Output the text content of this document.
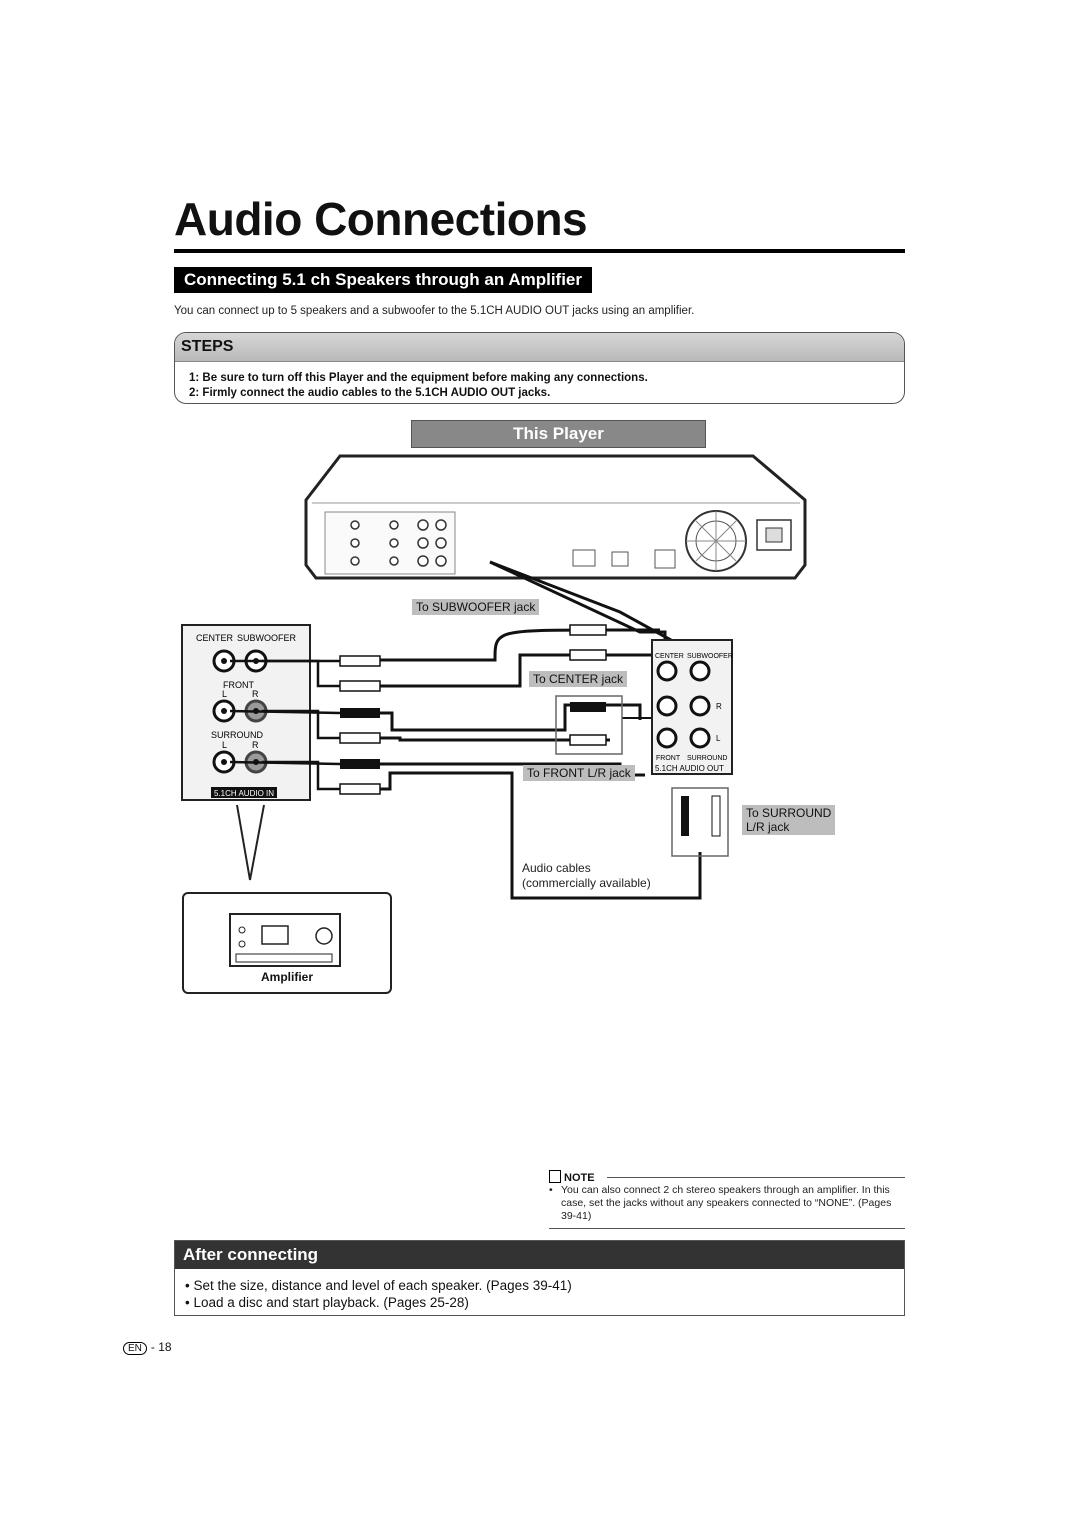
Audio Connections
Connecting 5.1 ch Speakers through an Amplifier
You can connect up to 5 speakers and a subwoofer to the 5.1CH AUDIO OUT jacks using an amplifier.
STEPS
1: Be sure to turn off this Player and the equipment before making any connections.
2: Firmly connect the audio cables to the 5.1CH AUDIO OUT jacks.
This Player
CENTER SUBWOOFER
FRONT
SURROUND
L	R
L	R
5.1CH AUDIO IN
CENTER SUBWOOFER
R
L
FRONT SURROUND
5.1CH AUDIO OUT
To SUBWOOFER jack
To CENTER jack
To FRONT L/R jack
To SURROUND
L/R jack
Audio cables
(commercially available)
Amplifier
NOTE
• You can also connect 2 ch stereo speakers through an amplifier. In this case, set the jacks without any speakers connected to “NONE”. (Pages 39-41)
After connecting
• Set the size, distance and level of each speaker. (Pages 39-41)
• Load a disc and start playback. (Pages 25-28)
EN - 18
